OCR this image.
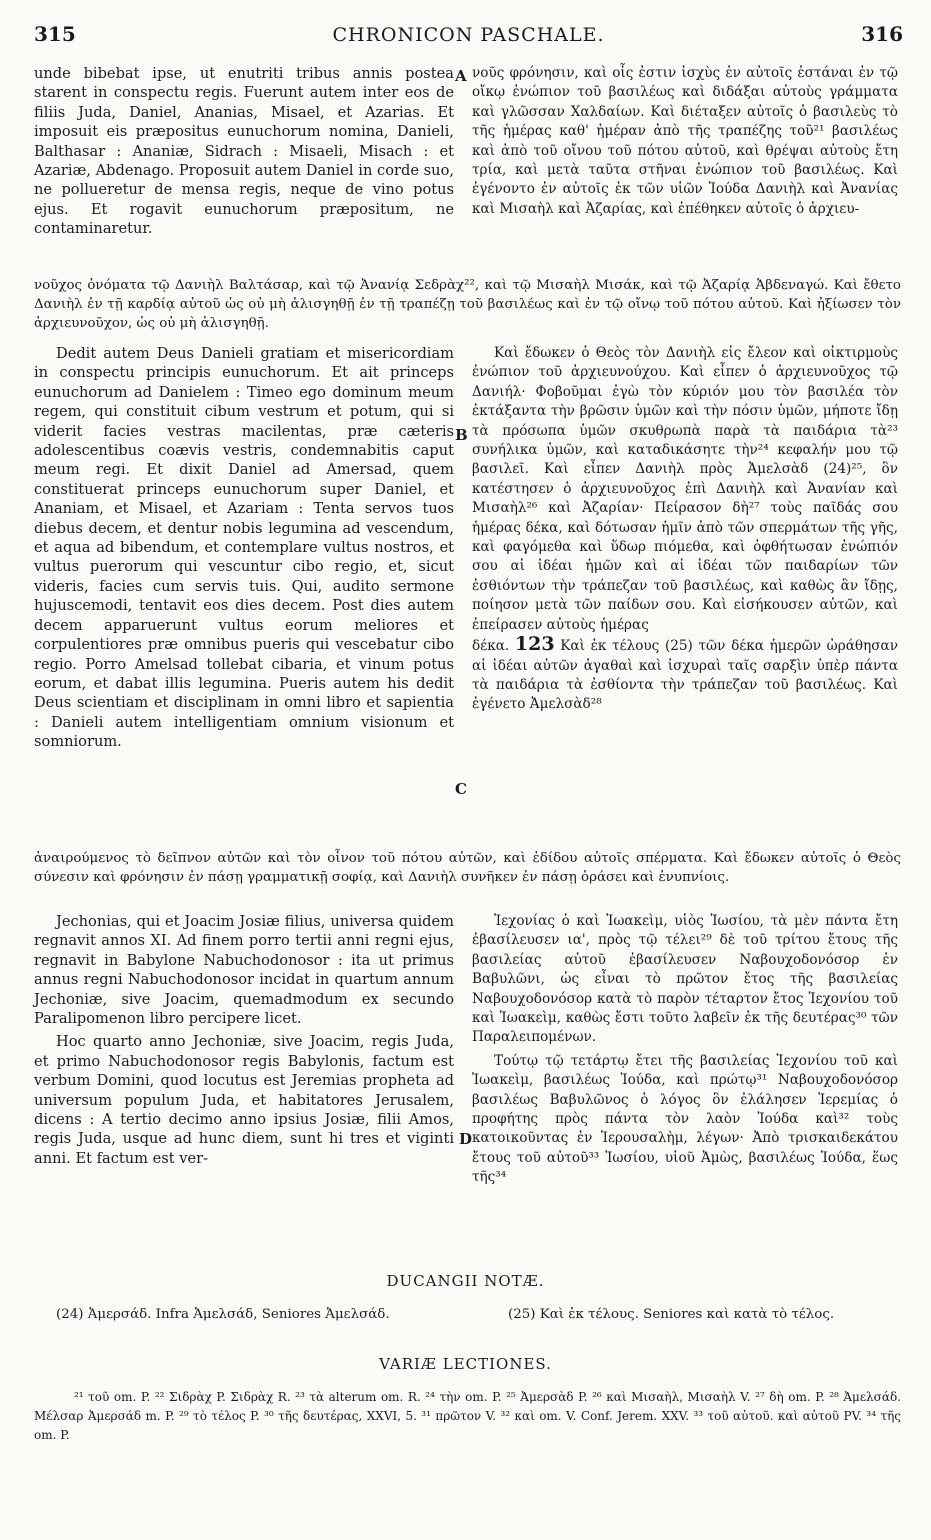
315	CHRONICON PASCHALE.	316

unde bibebat ipse, ut enutriti tribus annis postea starent in conspectu regis. Fuerunt autem inter eos de filiis Juda, Daniel, Ananias, Misael, et Azarias. Et imposuit eis præpositus eunuchorum nomina, Danieli, Balthasar : Ananiæ, Sidrach : Misaeli, Misach : et Azariæ, Abdenago. Proposuit autem Daniel in corde suo, ne pollueretur de mensa regis, neque de vino potus ejus. Et rogavit eunuchorum præpositum, ne contaminaretur.

A νοῦς φρόνησιν, καὶ οἷς ἐστιν ἰσχὺς ἐν αὐτοῖς ἑστάναι ἐν τῷ οἴκῳ ἐνώπιον τοῦ βασιλέως καὶ διδάξαι αὐτοὺς γράμματα καὶ γλῶσσαν Χαλδαίων. Καὶ διέταξεν αὐτοῖς ὁ βασιλεὺς τὸ τῆς ἡμέρας καθ' ἡμέραν ἀπὸ τῆς τραπέζης τοῦ²¹ βασιλέως καὶ ἀπὸ τοῦ οἴνου τοῦ πότου αὐτοῦ, καὶ θρέψαι αὐτοὺς ἔτη τρία, καὶ μετὰ ταῦτα στῆναι ἐνώπιον τοῦ βασιλέως. Καὶ ἐγένοντο ἐν αὐτοῖς ἐκ τῶν υἱῶν Ἰούδα Δανιὴλ καὶ Ἀνανίας καὶ Μισαὴλ καὶ Ἀζαρίας, καὶ ἐπέθηκεν αὐτοῖς ὁ ἀρχιευ-

νοῦχος ὀνόματα τῷ Δανιὴλ Βαλτάσαρ, καὶ τῷ Ἀνανίᾳ Σεδρὰχ²², καὶ τῷ Μισαὴλ Μισάκ, καὶ τῷ Ἀζαρίᾳ Ἀβδεναγώ. Καὶ ἔθετο Δανιὴλ ἐν τῇ καρδίᾳ αὐτοῦ ὡς οὐ μὴ ἀλισγηθῇ ἐν τῇ τραπέζῃ τοῦ βασιλέως καὶ ἐν τῷ οἴνῳ τοῦ πότου αὐτοῦ. Καὶ ἠξίωσεν τὸν ἀρχιευνοῦχον, ὡς οὐ μὴ ἀλισγηθῇ.

Dedit autem Deus Danieli gratiam et misericordiam in conspectu principis eunuchorum. Et ait princeps eunuchorum ad Danielem : Timeo ego dominum meum regem, qui constituit cibum vestrum et potum, qui si viderit facies vestras macilentas, præ cæteris adolescentibus coævis vestris, condemnabitis caput meum regi. Et dixit Daniel ad Amersad, quem constituerat princeps eunuchorum super Daniel, et Ananiam, et Misael, et Azariam : Tenta servos tuos diebus decem, et dentur nobis legumina ad vescendum, et aqua ad bibendum, et contemplare vultus nostros, et vultus puerorum qui vescuntur cibo regio, et, sicut videris, facies cum servis tuis. Qui, audito sermone hujuscemodi, tentavit eos dies decem. Post dies autem decem apparuerunt vultus eorum meliores et corpulentiores præ omnibus pueris qui vescebatur cibo regio. Porro Amelsad tollebat cibaria, et vinum potus eorum, et dabat illis legumina. Pueris autem his dedit Deus scientiam et disciplinam in omni libro et sapientia : Danieli autem intelligentiam omnium visionum et somniorum.

B
C

Καὶ ἔδωκεν ὁ Θεὸς τὸν Δανιὴλ εἰς ἔλεον καὶ οἰκτιρμοὺς ἐνώπιον τοῦ ἀρχιευνούχου. Καὶ εἶπεν ὁ ἀρχιευνοῦχος τῷ Δανιήλ· Φοβοῦμαι ἐγὼ τὸν κύριόν μου τὸν βασιλέα τὸν ἐκτάξαντα τὴν βρῶσιν ὑμῶν καὶ τὴν πόσιν ὑμῶν, μήποτε ἴδῃ τὰ πρόσωπα ὑμῶν σκυθρωπὰ παρὰ τὰ παιδάρια τὰ²³ συνήλικα ὑμῶν, καὶ καταδικάσητε τὴν²⁴ κεφαλήν μου τῷ βασιλεῖ. Καὶ εἶπεν Δανιὴλ πρὸς Ἀμελσὰδ (24)²⁵, ὃν κατέστησεν ὁ ἀρχιευνοῦχος ἐπὶ Δανιὴλ καὶ Ἀνανίαν καὶ Μισαὴλ²⁶ καὶ Ἀζαρίαν· Πείρασον δὴ²⁷ τοὺς παῖδάς σου ἡμέρας δέκα, καὶ δότωσαν ἡμῖν ἀπὸ τῶν σπερμάτων τῆς γῆς, καὶ φαγόμεθα καὶ ὕδωρ πιόμεθα, καὶ ὀφθήτωσαν ἐνώπιόν σου αἱ ἰδέαι ἡμῶν καὶ αἱ ἰδέαι τῶν παιδαρίων τῶν ἐσθιόντων τὴν τράπεζαν τοῦ βασιλέως, καὶ καθὼς ἂν ἴδῃς, ποίησον μετὰ τῶν παίδων σου. Καὶ εἰσήκουσεν αὐτῶν, καὶ ἐπείρασεν αὐτοὺς ἡμέρας

δέκα. 123 Καὶ ἐκ τέλους (25) τῶν δέκα ἡμερῶν ὠράθησαν αἱ ἰδέαι αὐτῶν ἀγαθαὶ καὶ ἰσχυραὶ ταῖς σαρξὶν ὑπὲρ πάντα τὰ παιδάρια τὰ ἐσθίοντα τὴν τράπεζαν τοῦ βασιλέως. Καὶ ἐγένετο Ἀμελσὰδ²⁸

ἀναιρούμενος τὸ δεῖπνον αὐτῶν καὶ τὸν οἶνον τοῦ πότου αὐτῶν, καὶ ἐδίδου αὐτοῖς σπέρματα. Καὶ ἔδωκεν αὐτοῖς ὁ Θεὸς σύνεσιν καὶ φρόνησιν ἐν πάσῃ γραμματικῇ σοφίᾳ, καὶ Δανιὴλ συνῆκεν ἐν πάσῃ ὁράσει καὶ ἐνυπνίοις.

Jechonias, qui et Joacim Josiæ filius, universa quidem regnavit annos XI. Ad finem porro tertii anni regni ejus, regnavit in Babylone Nabuchodonosor : ita ut primus annus regni Nabuchodonosor incidat in quartum annum Jechoniæ, sive Joacim, quemadmodum ex secundo Paralipomenon libro percipere licet.

Hoc quarto anno Jechoniæ, sive Joacim, regis Juda, et primo Nabuchodonosor regis Babylonis, factum est verbum Domini, quod locutus est Jeremias propheta ad universum populum Juda, et habitatores Jerusalem, dicens : A tertio decimo anno ipsius Josiæ, filii Amos, regis Juda, usque ad hunc diem, sunt hi tres et viginti anni. Et factum est ver-

D

Ἰεχονίας ὁ καὶ Ἰωακεὶμ, υἱὸς Ἰωσίου, τὰ μὲν πάντα ἔτη ἐβασίλευσεν ια', πρὸς τῷ τέλει²⁹ δὲ τοῦ τρίτου ἔτους τῆς βασιλείας αὐτοῦ ἐβασίλευσεν Ναβουχοδονόσορ ἐν Βαβυλῶνι, ὡς εἶναι τὸ πρῶτον ἔτος τῆς βασιλείας Ναβουχοδονόσορ κατὰ τὸ παρὸν τέταρτον ἔτος Ἰεχονίου τοῦ καὶ Ἰωακεὶμ, καθὼς ἔστι τοῦτο λαβεῖν ἐκ τῆς δευτέρας³⁰ τῶν Παραλειπομένων.

Τούτῳ τῷ τετάρτῳ ἔτει τῆς βασιλείας Ἰεχονίου τοῦ καὶ Ἰωακεὶμ, βασιλέως Ἰούδα, καὶ πρώτῳ³¹ Ναβουχοδονόσορ βασιλέως Βαβυλῶνος ὁ λόγος ὃν ἐλάλησεν Ἱερεμίας ὁ προφήτης πρὸς πάντα τὸν λαὸν Ἰούδα καὶ³² τοὺς κατοικοῦντας ἐν Ἱερουσαλὴμ, λέγων· Ἀπὸ τρισκαιδεκάτου ἔτους τοῦ αὐτοῦ³³ Ἰωσίου, υἱοῦ Ἀμὼς, βασιλέως Ἰούδα, ἕως τῆς³⁴

DUCANGII NOTÆ.
(24) Ἀμερσάδ. Infra Ἀμελσάδ, Seniores Ἀμελσάδ.	(25) Καὶ ἐκ τέλους. Seniores καὶ κατὰ τὸ τέλος.
VARIÆ LECTIONES.
²¹ τοῦ om. P. ²² Σιδρὰχ P. Σιδρὰχ R. ²³ τὰ alterum om. R. ²⁴ τὴν om. P. ²⁵ Ἀμερσὰδ P. ²⁶ καὶ Μισαὴλ, Μισαὴλ V. ²⁷ δὴ om. P. ²⁸ Ἀμελσάδ. Μέλσαρ Ἀμερσάδ m. P. ²⁹ τὸ τέλος P. ³⁰ τῆς δευτέρας, XXVI, 5. ³¹ πρῶτον V. ³² καὶ om. V. Conf. Jerem. XXV. ³³ τοῦ αὐτοῦ. καὶ αὐτοῦ PV. ³⁴ τῆς om. P.
